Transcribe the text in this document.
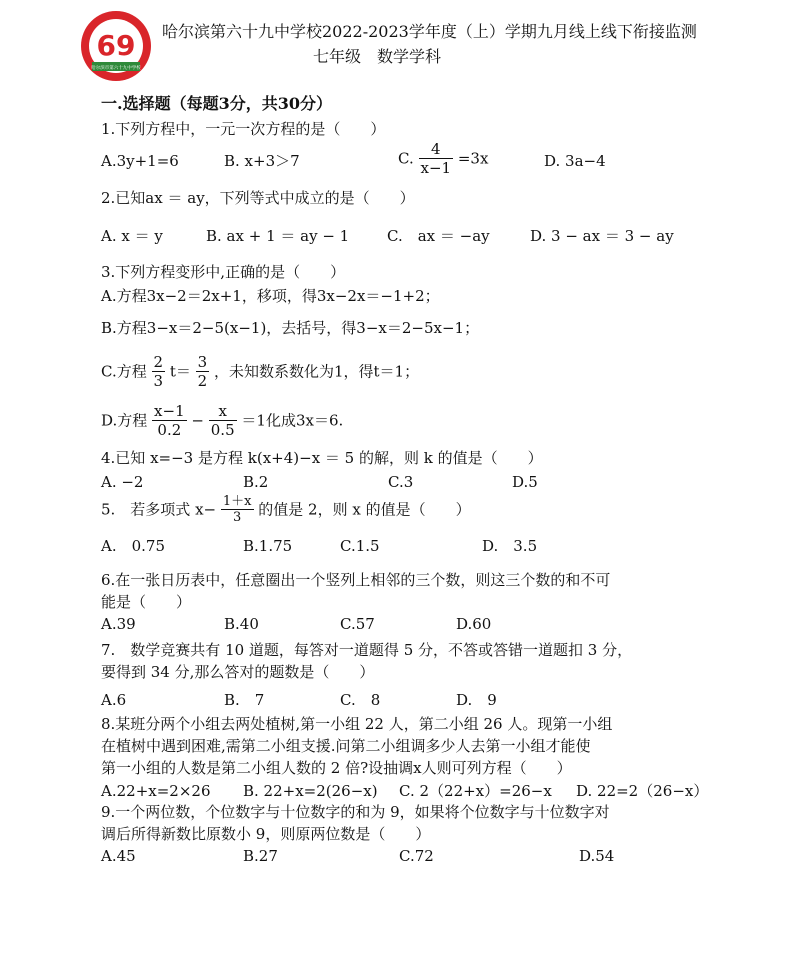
69
哈尔滨市第六十九中学校
哈尔滨第六十九中学校2022-2023学年度（上）学期九月线上线下衔接监测
七年级　数学学科
一.选择题（每题3分，共30分）
1.下列方程中，一元一次方程的是（　　）
A.3y+1=6	B. x+3＞7	C. $\frac{4}{x-1} =3x$	D. 3a−4
2.已知ax ＝ ay，下列等式中成立的是（　　）
A. x ＝ y	B. ax + 1 ＝ ay − 1	C.　ax ＝ −ay	D. 3 − ax ＝ 3 − ay
3.下列方程变形中,正确的是（　　）
A.方程3x−2＝2x+1，移项，得3x−2x＝−1+2；
B.方程3−x＝2−5(x−1)，去括号，得3−x＝2−5x−1；
C.方程 $\frac{2}{3} t= \frac{3}{2}$ ，未知数系数化为1，得t＝1；
D.方程 $\frac{x-1}{0.2} - \frac{x}{0.5} =1$化成3x＝6.
4.已知 x=−3 是方程 k(x+4)−x ＝ 5 的解，则 k 的值是（　　）
A. −2	B.2	C.3	D.5
5.　若多项式 $x- \frac{1+x}{3}$ 的值是 2，则 x 的值是（　　）
A.　0.75	B.1.75	C.1.5	D.　3.5
6.在一张日历表中，任意圈出一个竖列上相邻的三个数，则这三个数的和不可
能是（　　）
A.39	B.40	C.57	D.60
7.　数学竞赛共有 10 道题，每答对一道题得 5 分，不答或答错一道题扣 3 分，
要得到 34 分,那么答对的题数是（　　）
A.6	B.　7	C.　8	D.　9
8.某班分两个小组去两处植树,第一小组 22 人，第二小组 26 人。现第一小组
在植树中遇到困难,需第二小组支援.问第二小组调多少人去第一小组才能使
第一小组的人数是第二小组人数的 2 倍?设抽调x人则可列方程（　　）
A.22+x=2×26 B. 22+x=2(26−x) C. 2（22+x）=26−x D. 22=2（26−x）
9.一个两位数，个位数字与十位数字的和为 9，如果将个位数字与十位数字对
调后所得新数比原数小 9，则原两位数是（　　）
A.45	B.27	C.72	D.54
